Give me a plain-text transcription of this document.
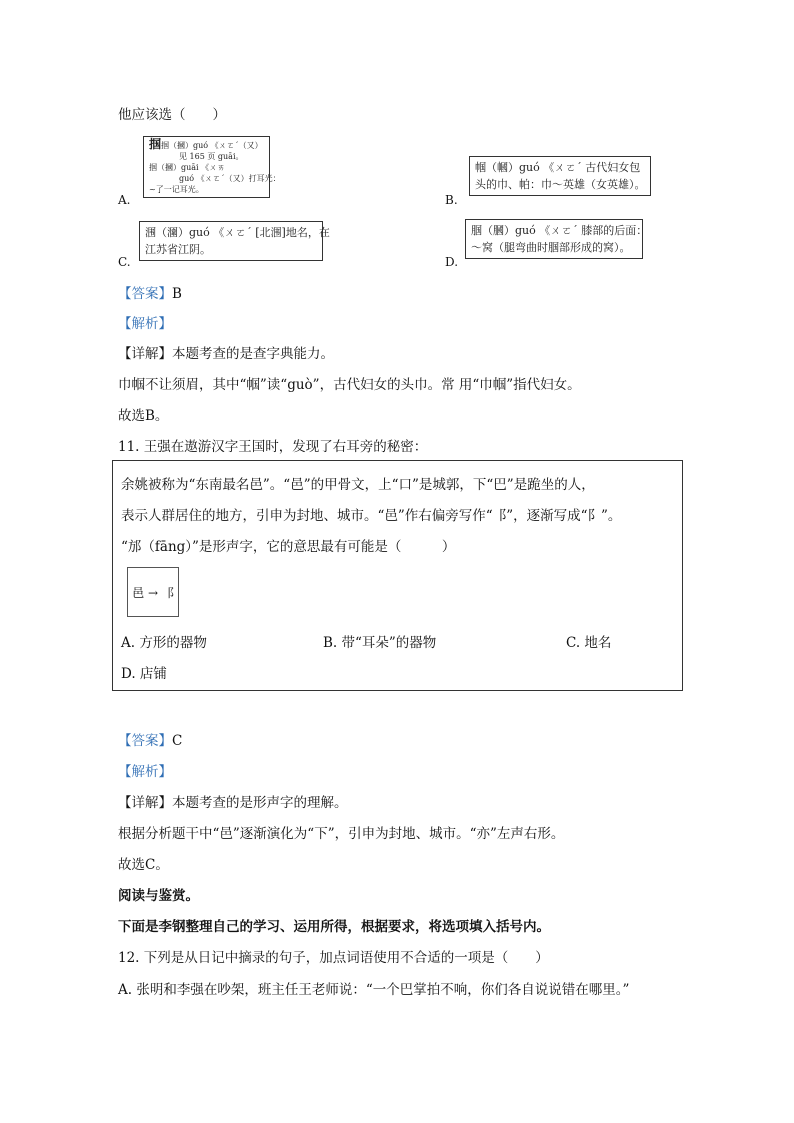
他应该选（　　）
A.
掴掴（摑）guó 《ㄨㄛˊ（又）
见 165 页 guāi。
掴（摑）guāi 《ㄨㄞ
guó 《ㄨㄛˊ（又）打耳光：
~了一记耳光。
B.
帼（幗）guó 《ㄨㄛˊ 古代妇女包
头的巾、帕：巾～英雄（女英雄）。
C.
涠（潿）guó 《ㄨㄛˊ [北涠]地名，在
江苏省江阴。
D.
腘（膕）guó 《ㄨㄛˊ 膝部的后面：
～窝（腿弯曲时腘部形成的窝）。
【答案】B
【解析】
【详解】本题考查的是查字典能力。
巾帼不让须眉，其中“帼”读“guò”，古代妇女的头巾。常 用“巾帼”指代妇女。
故选B。
11. 王强在遨游汉字王国时，发现了右耳旁的秘密：
余姚被称为“东南最名邑”。“邑”的甲骨文，上“口”是城郭，下“巴”是跪坐的人，
表示人群居住的地方，引申为封地、城市。“邑”作右偏旁写作“⻏”，逐渐写成“阝”。
“邡（fāng）”是形声字，它的意思最有可能是（　　　）
邑 → ⻏
A. 方形的器物	B. 带“耳朵”的器物	C. 地名
D. 店铺
【答案】C
【解析】
【详解】本题考查的是形声字的理解。
根据分析题干中“邑”逐渐演化为“下”，引申为封地、城市。“亦”左声右形。
故选C。
阅读与鉴赏。
下面是李钢整理自己的学习、运用所得，根据要求，将选项填入括号内。
12. 下列是从日记中摘录的句子，加点词语使用不合适的一项是（　　）
A. 张明和李强在吵架，班主任王老师说：“一个巴掌拍不响，你们各自说说错在哪里。”
